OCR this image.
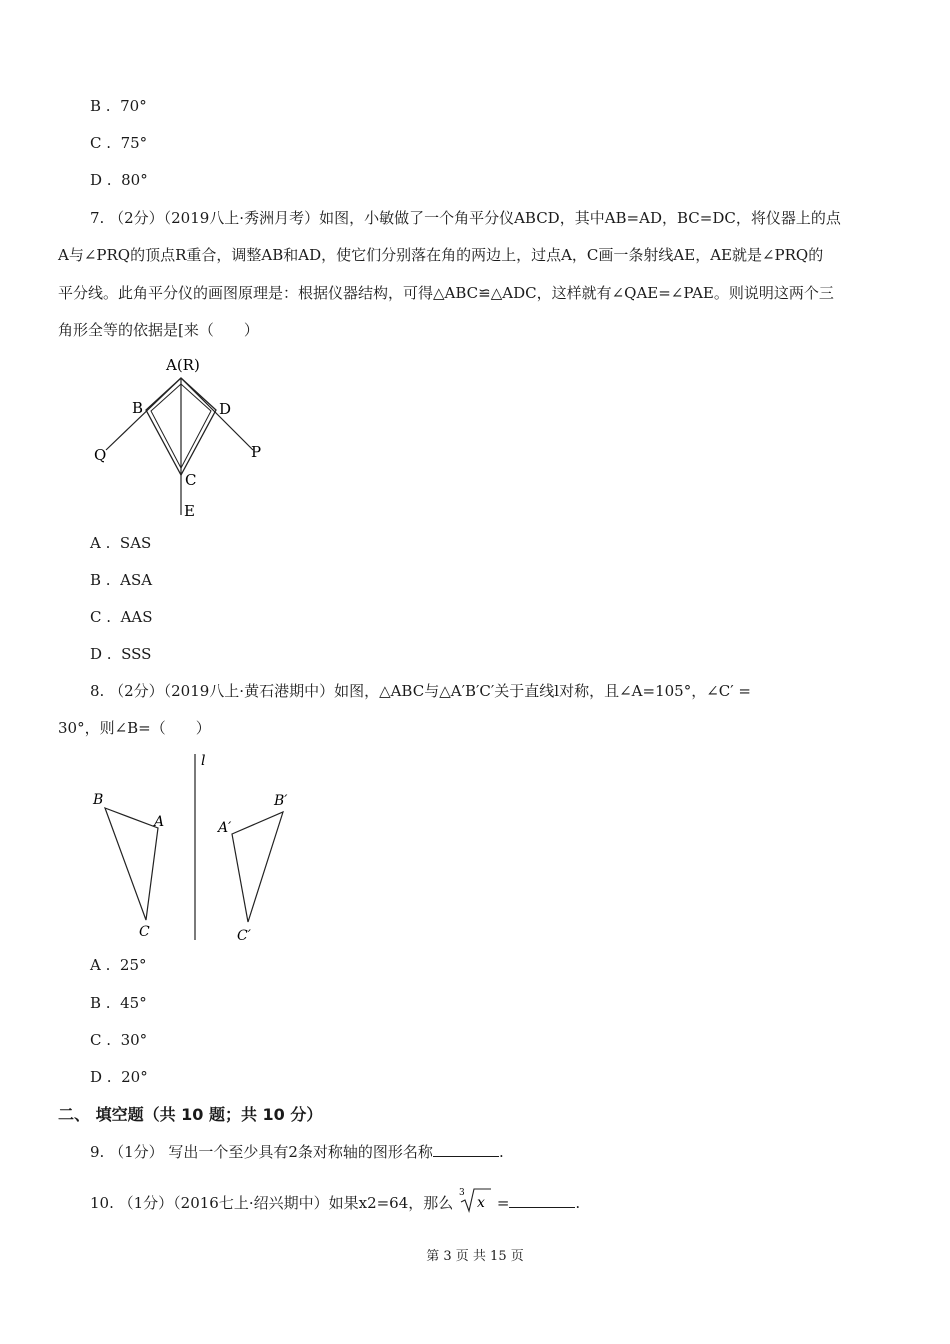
B .  70°
C .  75°
D .  80°
7. （2分）（2019八上·秀洲月考）如图，小敏做了一个角平分仪ABCD，其中AB=AD，BC=DC，将仪器上的点
A与∠PRQ的顶点R重合，调整AB和AD，使它们分别落在角的两边上，过点A，C画一条射线AE，AE就是∠PRQ的
平分线。此角平分仪的画图原理是：根据仪器结构，可得△ABC≌△ADC，这样就有∠QAE=∠PAE。则说明这两个三
角形全等的依据是[来（　　）
A(R)
B	D
C
E
Q	P
A .  SAS
B .  ASA
C .  AAS
D .  SSS
8. （2分）（2019八上·黄石港期中）如图，△ABC与△A′B′C′关于直线l对称，且∠A=105°，∠C′ =
30°，则∠B=（　　）
l
B
A
C
A′
B′
C′
A .  25°
B .  45°
C .  30°
D .  20°
二、 填空题（共 10 题；共 10 分）
9. （1分） 写出一个至少具有2条对称轴的图形名称	.
10. （1分）（2016七上·绍兴期中）如果x2=64，那么
3
x =	.
第 3 页 共 15 页
